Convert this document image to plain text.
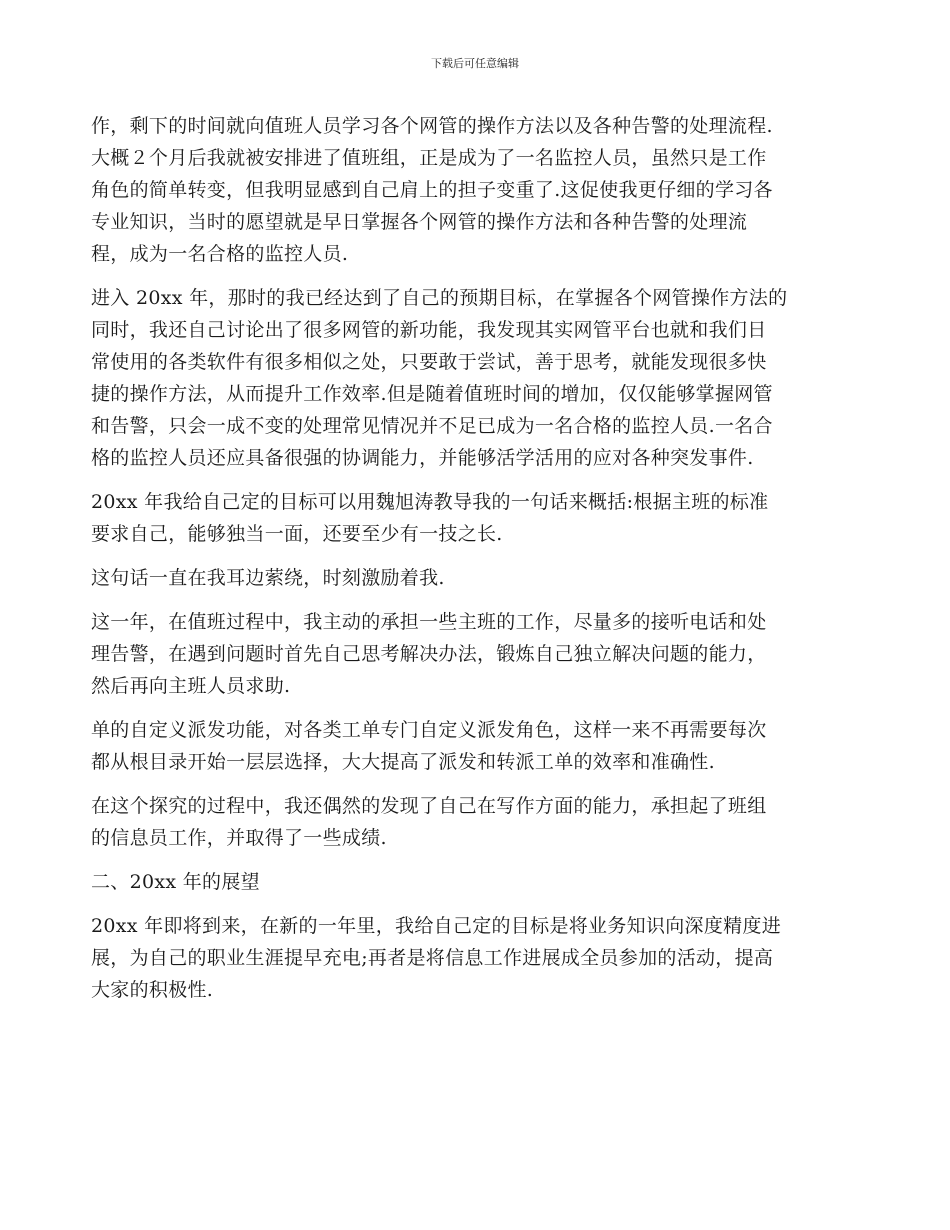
下载后可任意编辑

作，剩下的时间就向值班人员学习各个网管的操作方法以及各种告警的处理流程.
大概２个月后我就被安排进了值班组，正是成为了一名监控人员，虽然只是工作
角色的简单转变，但我明显感到自己肩上的担子变重了.这促使我更仔细的学习各
专业知识，当时的愿望就是早日掌握各个网管的操作方法和各种告警的处理流
程，成为一名合格的监控人员.

进入 20xx 年，那时的我已经达到了自己的预期目标，在掌握各个网管操作方法的
同时，我还自己讨论出了很多网管的新功能，我发现其实网管平台也就和我们日
常使用的各类软件有很多相似之处，只要敢于尝试，善于思考，就能发现很多快
捷的操作方法，从而提升工作效率.但是随着值班时间的增加，仅仅能够掌握网管
和告警，只会一成不变的处理常见情况并不足已成为一名合格的监控人员.一名合
格的监控人员还应具备很强的协调能力，并能够活学活用的应对各种突发事件.

20xx 年我给自己定的目标可以用魏旭涛教导我的一句话来概括:根据主班的标准
要求自己，能够独当一面，还要至少有一技之长.

这句话一直在我耳边萦绕，时刻激励着我.

这一年，在值班过程中，我主动的承担一些主班的工作，尽量多的接听电话和处
理告警，在遇到问题时首先自己思考解决办法，锻炼自己独立解决问题的能力，
然后再向主班人员求助.

单的自定义派发功能，对各类工单专门自定义派发角色，这样一来不再需要每次
都从根目录开始一层层选择，大大提高了派发和转派工单的效率和准确性.

在这个探究的过程中，我还偶然的发现了自己在写作方面的能力，承担起了班组
的信息员工作，并取得了一些成绩.

二、20xx 年的展望

20xx 年即将到来，在新的一年里，我给自己定的目标是将业务知识向深度精度进
展，为自己的职业生涯提早充电;再者是将信息工作进展成全员参加的活动，提高
大家的积极性.
